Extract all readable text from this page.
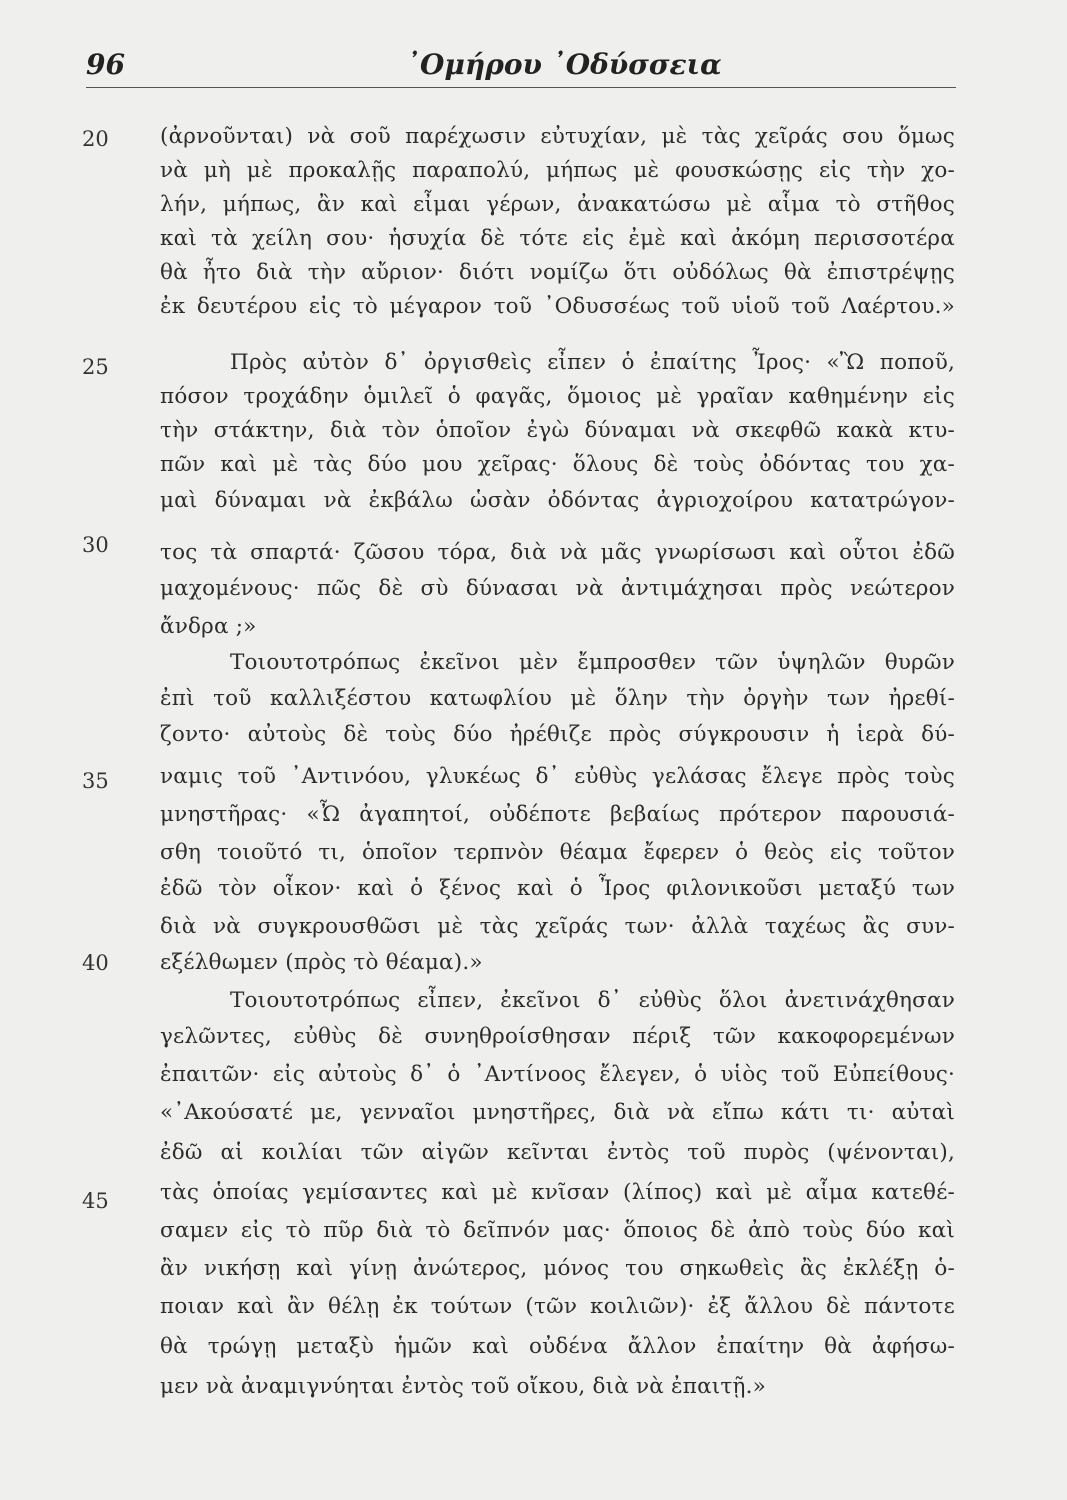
96	᾽Ομήρου ᾽Οδύσσεια
20
25
30
35
40
45
(ἀρνοῦνται) νὰ σοῦ παρέχωσιν εὐτυχίαν, μὲ τὰς χεῖράς σου ὅμως
νὰ μὴ μὲ προκαλῇς παραπολύ, μήπως μὲ φουσκώσῃς εἰς τὴν χο-
λήν, μήπως, ἂν καὶ εἶμαι γέρων, ἀνακατώσω μὲ αἷμα τὸ στῆθος
καὶ τὰ χείλη σου· ἡσυχία δὲ τότε εἰς ἐμὲ καὶ ἀκόμη περισσοτέρα
θὰ ἦτο διὰ τὴν αὔριον· διότι νομίζω ὅτι οὐδόλως θὰ ἐπιστρέψῃς
ἐκ δευτέρου εἰς τὸ μέγαρον τοῦ ᾽Οδυσσέως τοῦ υἱοῦ τοῦ Λαέρτου.»
Πρὸς αὐτὸν δ᾽ ὀργισθεὶς εἶπεν ὁ ἐπαίτης Ἶρος· «Ὢ ποποῦ,
πόσον τροχάδην ὁμιλεῖ ὁ φαγᾶς, ὅμοιος μὲ γραῖαν καθημένην εἰς
τὴν στάκτην, διὰ τὸν ὁποῖον ἐγὼ δύναμαι νὰ σκεφθῶ κακὰ κτυ-
πῶν καὶ μὲ τὰς δύο μου χεῖρας· ὅλους δὲ τοὺς ὀδόντας του χα-
μαὶ δύναμαι νὰ ἐκβάλω ὡσὰν ὀδόντας ἀγριοχοίρου κατατρώγον-
τος τὰ σπαρτά· ζῶσου τόρα, διὰ νὰ μᾶς γνωρίσωσι καὶ οὗτοι ἐδῶ
μαχομένους· πῶς δὲ σὺ δύνασαι νὰ ἀντιμάχησαι πρὸς νεώτερον
ἄνδρα ;»
Τοιουτοτρόπως ἐκεῖνοι μὲν ἔμπροσθεν τῶν ὑψηλῶν θυρῶν
ἐπὶ τοῦ καλλιξέστου κατωφλίου μὲ ὅλην τὴν ὀργὴν των ἠρεθί-
ζοντο· αὐτοὺς δὲ τοὺς δύο ἠρέθιζε πρὸς σύγκρουσιν ἡ ἱερὰ δύ-
ναμις τοῦ ᾽Αντινόου, γλυκέως δ᾽ εὐθὺς γελάσας ἔλεγε πρὸς τοὺς
μνηστῆρας· «Ὦ ἀγαπητοί, οὐδέποτε βεβαίως πρότερον παρουσιά-
σθη τοιοῦτό τι, ὁποῖον τερπνὸν θέαμα ἔφερεν ὁ θεὸς εἰς τοῦτον
ἐδῶ τὸν οἶκον· καὶ ὁ ξένος καὶ ὁ Ἶρος φιλονικοῦσι μεταξύ των
διὰ νὰ συγκρουσθῶσι μὲ τὰς χεῖράς των· ἀλλὰ ταχέως ἂς συν-
εξέλθωμεν (πρὸς τὸ θέαμα).»
Τοιουτοτρόπως εἶπεν, ἐκεῖνοι δ᾽ εὐθὺς ὅλοι ἀνετινάχθησαν
γελῶντες, εὐθὺς δὲ συνηθροίσθησαν πέριξ τῶν κακοφορεμένων
ἐπαιτῶν· εἰς αὐτοὺς δ᾽ ὁ ᾽Αντίνοος ἔλεγεν, ὁ υἱὸς τοῦ Εὐπείθους·
«᾽Ακούσατέ με, γενναῖοι μνηστῆρες, διὰ νὰ εἴπω κάτι τι· αὐταὶ
ἐδῶ αἱ κοιλίαι τῶν αἰγῶν κεῖνται ἐντὸς τοῦ πυρὸς (ψένονται),
τὰς ὁποίας γεμίσαντες καὶ μὲ κνῖσαν (λίπος) καὶ μὲ αἷμα κατεθέ-
σαμεν εἰς τὸ πῦρ διὰ τὸ δεῖπνόν μας· ὅποιος δὲ ἀπὸ τοὺς δύο καὶ
ἂν νικήσῃ καὶ γίνῃ ἀνώτερος, μόνος του σηκωθεὶς ἂς ἐκλέξῃ ὁ-
ποιαν καὶ ἂν θέλῃ ἐκ τούτων (τῶν κοιλιῶν)· ἐξ ἄλλου δὲ πάντοτε
θὰ τρώγῃ μεταξὺ ἡμῶν καὶ οὐδένα ἄλλον ἐπαίτην θὰ ἀφήσω-
μεν νὰ ἀναμιγνύηται ἐντὸς τοῦ οἴκου, διὰ νὰ ἐπαιτῇ.»
